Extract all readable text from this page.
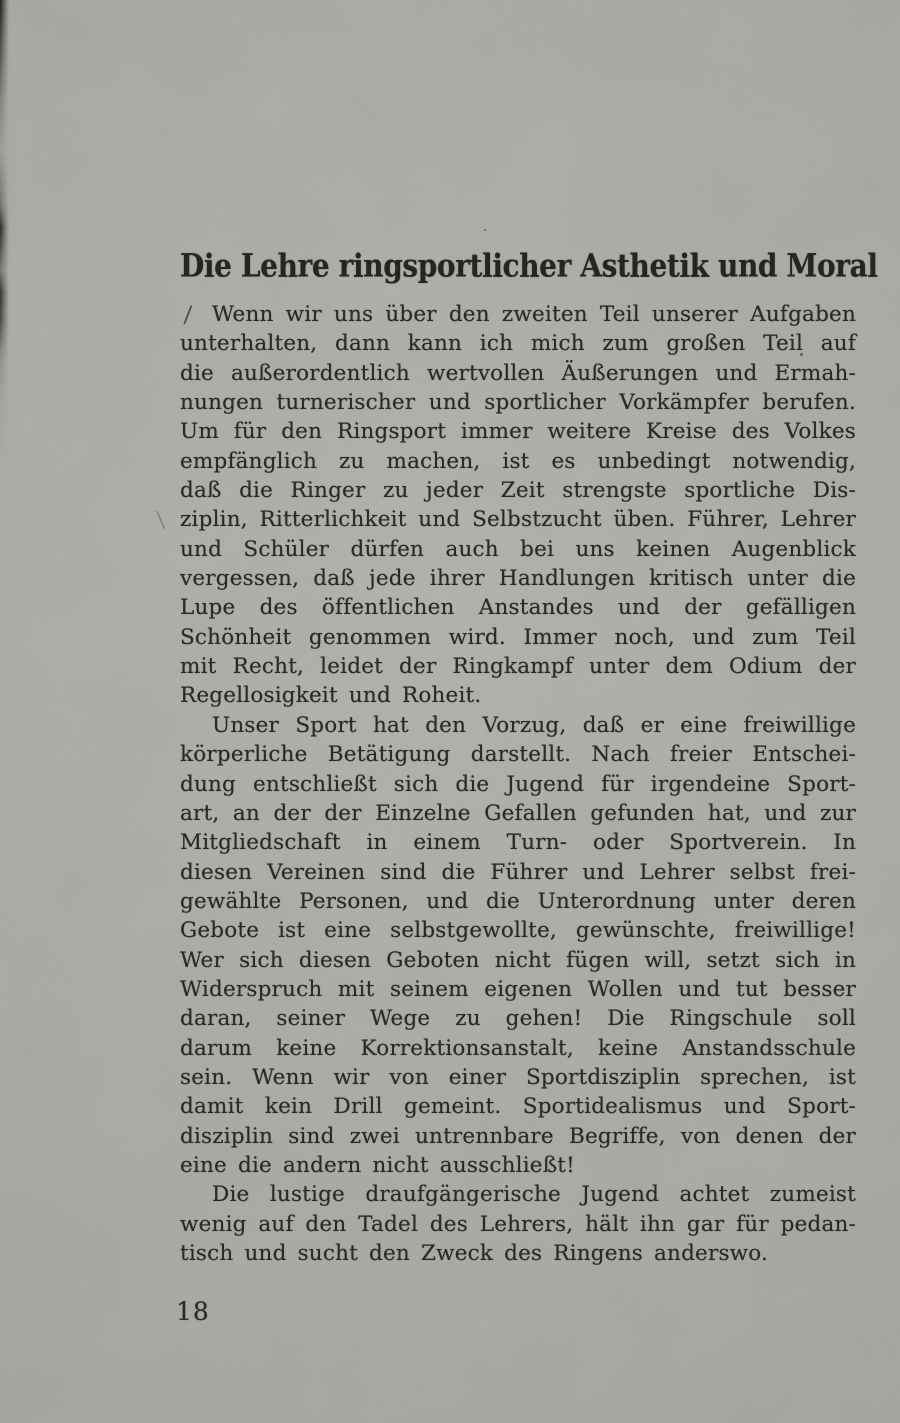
Die Lehre ringsportlicher Asthetik und Moral
/
\
Wenn wir uns über den zweiten Teil unserer Aufgaben
unterhalten, dann kann ich mich zum großen Teil auf
die außerordentlich wertvollen Äußerungen und Ermah-
nungen turnerischer und sportlicher Vorkämpfer berufen.
Um für den Ringsport immer weitere Kreise des Volkes
empfänglich zu machen, ist es unbedingt notwendig,
daß die Ringer zu jeder Zeit strengste sportliche Dis-
ziplin, Ritterlichkeit und Selbstzucht üben. Führer, Lehrer
und Schüler dürfen auch bei uns keinen Augenblick
vergessen, daß jede ihrer Handlungen kritisch unter die
Lupe des öffentlichen Anstandes und der gefälligen
Schönheit genommen wird. Immer noch, und zum Teil
mit Recht, leidet der Ringkampf unter dem Odium der
Regellosigkeit und Roheit.
Unser Sport hat den Vorzug, daß er eine freiwillige
körperliche Betätigung darstellt. Nach freier Entschei-
dung entschließt sich die Jugend für irgendeine Sport-
art, an der der Einzelne Gefallen gefunden hat, und zur
Mitgliedschaft in einem Turn- oder Sportverein. In
diesen Vereinen sind die Führer und Lehrer selbst frei-
gewählte Personen, und die Unterordnung unter deren
Gebote ist eine selbstgewollte, gewünschte, freiwillige!
Wer sich diesen Geboten nicht fügen will, setzt sich in
Widerspruch mit seinem eigenen Wollen und tut besser
daran, seiner Wege zu gehen! Die Ringschule soll
darum keine Korrektionsanstalt, keine Anstandsschule
sein. Wenn wir von einer Sportdisziplin sprechen, ist
damit kein Drill gemeint. Sportidealismus und Sport-
disziplin sind zwei untrennbare Begriffe, von denen der
eine die andern nicht ausschließt!
Die lustige draufgängerische Jugend achtet zumeist
wenig auf den Tadel des Lehrers, hält ihn gar für pedan-
tisch und sucht den Zweck des Ringens anderswo.
18
